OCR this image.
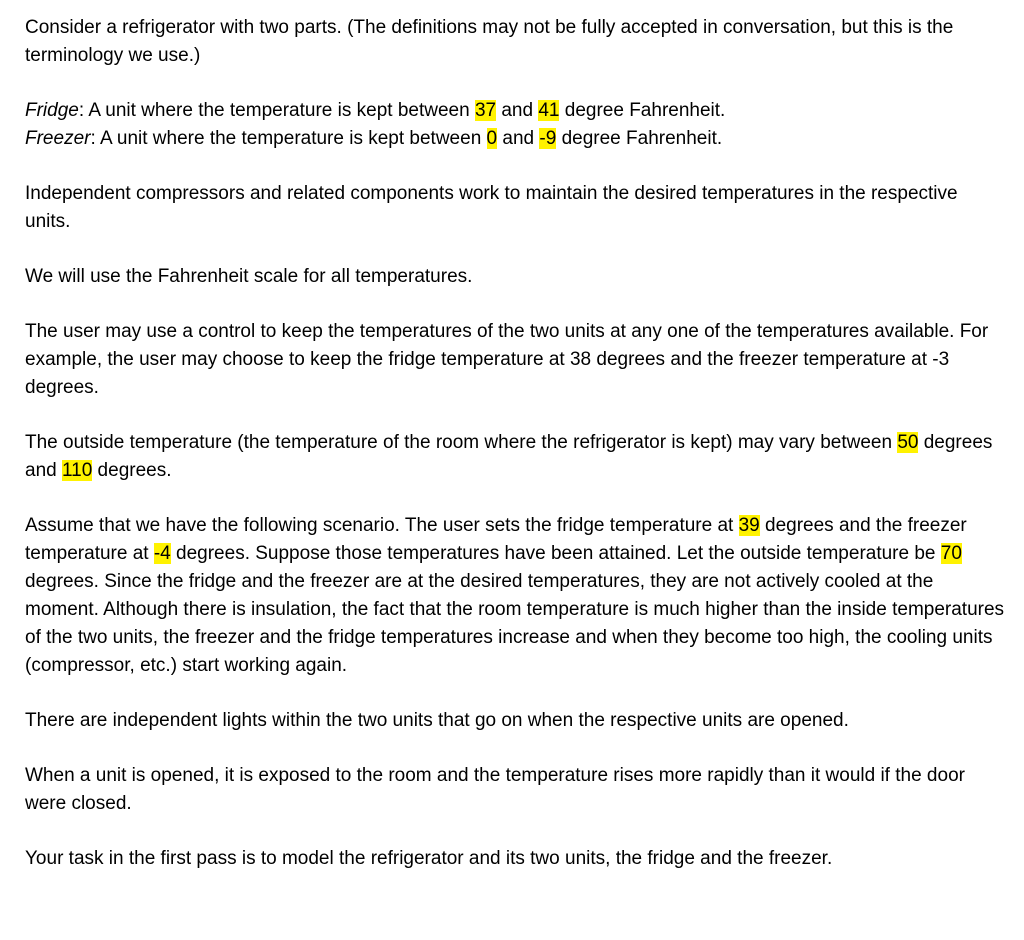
Consider a refrigerator with two parts. (The definitions may not be fully accepted in conversation, but this is the terminology we use.)

Fridge: A unit where the temperature is kept between 37 and 41 degree Fahrenheit.
Freezer: A unit where the temperature is kept between 0 and -9 degree Fahrenheit.

Independent compressors and related components work to maintain the desired temperatures in the respective units.

We will use the Fahrenheit scale for all temperatures.

The user may use a control to keep the temperatures of the two units at any one of the temperatures available. For example, the user may choose to keep the fridge temperature at 38 degrees and the freezer temperature at -3 degrees.

The outside temperature (the temperature of the room where the refrigerator is kept) may vary between 50 degrees and 110 degrees.

Assume that we have the following scenario. The user sets the fridge temperature at 39 degrees and the freezer temperature at -4 degrees. Suppose those temperatures have been attained. Let the outside temperature be 70 degrees. Since the fridge and the freezer are at the desired temperatures, they are not actively cooled at the moment. Although there is insulation, the fact that the room temperature is much higher than the inside temperatures of the two units, the freezer and the fridge temperatures increase and when they become too high, the cooling units (compressor, etc.) start working again.

There are independent lights within the two units that go on when the respective units are opened.

When a unit is opened, it is exposed to the room and the temperature rises more rapidly than it would if the door were closed.

Your task in the first pass is to model the refrigerator and its two units, the fridge and the freezer.
